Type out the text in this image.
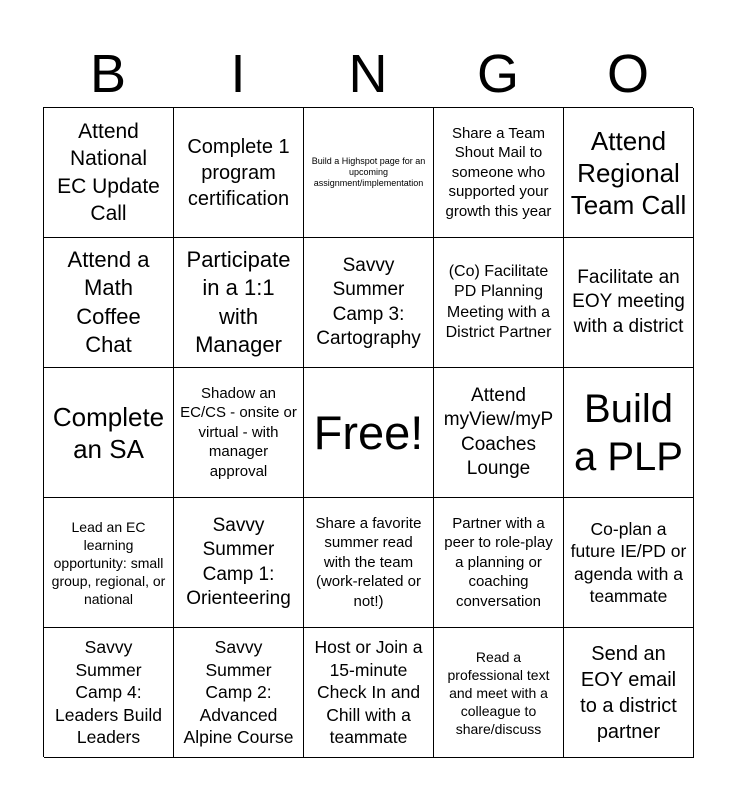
B	I	N	G	O
Attend National EC Update Call
Complete 1 program certification
Build a Highspot page for an upcoming assignment/implementation
Share a Team Shout Mail to someone who supported your growth this year
Attend Regional Team Call
Attend a Math Coffee Chat
Participate in a 1:1 with Manager
Savvy Summer Camp 3: Cartography
(Co) Facilitate PD Planning Meeting with a District Partner
Facilitate an EOY meeting with a district
Complete an SA
Shadow an EC/CS - onsite or virtual - with manager approval
Free!
Attend myView/myP Coaches Lounge
Build a PLP
Lead an EC learning opportunity: small group, regional, or national
Savvy Summer Camp 1: Orienteering
Share a favorite summer read with the team (work-related or not!)
Partner with a peer to role-play a planning or coaching conversation
Co-plan a future IE/PD or agenda with a teammate
Savvy Summer Camp 4: Leaders Build Leaders
Savvy Summer Camp 2: Advanced Alpine Course
Host or Join a 15-minute Check In and Chill with a teammate
Read a professional text and meet with a colleague to share/discuss
Send an EOY email to a district partner
